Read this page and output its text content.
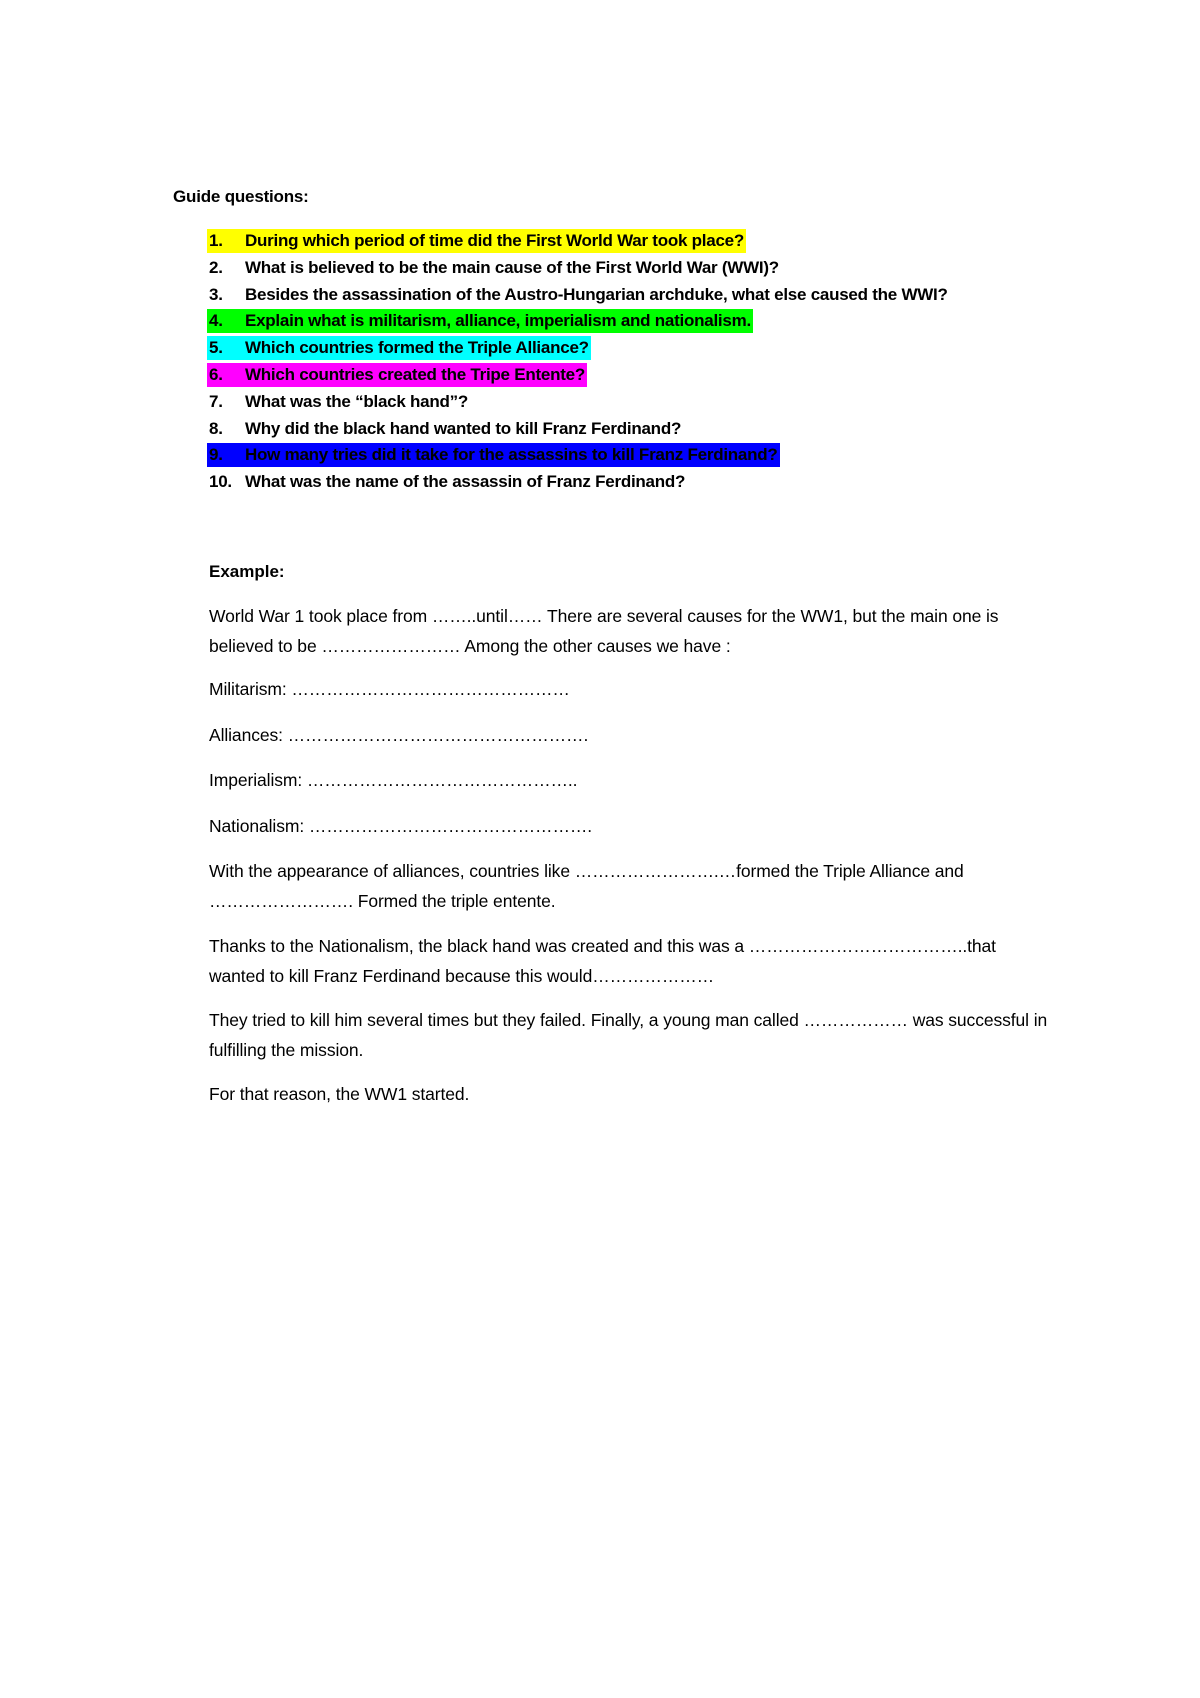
Guide questions:
1. During which period of time did the First World War took place?
2. What is believed to be the main cause of the First World War (WWI)?
3. Besides the assassination of the Austro-Hungarian archduke, what else caused the WWI?
4. Explain what is militarism, alliance, imperialism and nationalism.
5. Which countries formed the Triple Alliance?
6. Which countries created the Tripe Entente?
7. What was the “black hand”?
8. Why did the black hand wanted to kill Franz Ferdinand?
9. How many tries did it take for the assassins to kill Franz Ferdinand?
10. What was the name of the assassin of Franz Ferdinand?
Example:
World War 1 took place from ……..until…… There are several causes for the WW1, but the main one is believed to be …………………… Among the other causes we have :
Militarism: …………………………………………
Alliances: …………………………………………….
Imperialism: ………………………………………..
Nationalism: ………………………………………….
With the appearance of alliances, countries like …………………….…formed the Triple Alliance and ……………………. Formed the triple entente.
Thanks to the Nationalism, the black hand was created and this was a ………………………………..that wanted to kill Franz Ferdinand because this would…………………
They tried to kill him several times but they failed. Finally, a young man called ……………… was successful in fulfilling the mission.
For that reason, the WW1 started.
